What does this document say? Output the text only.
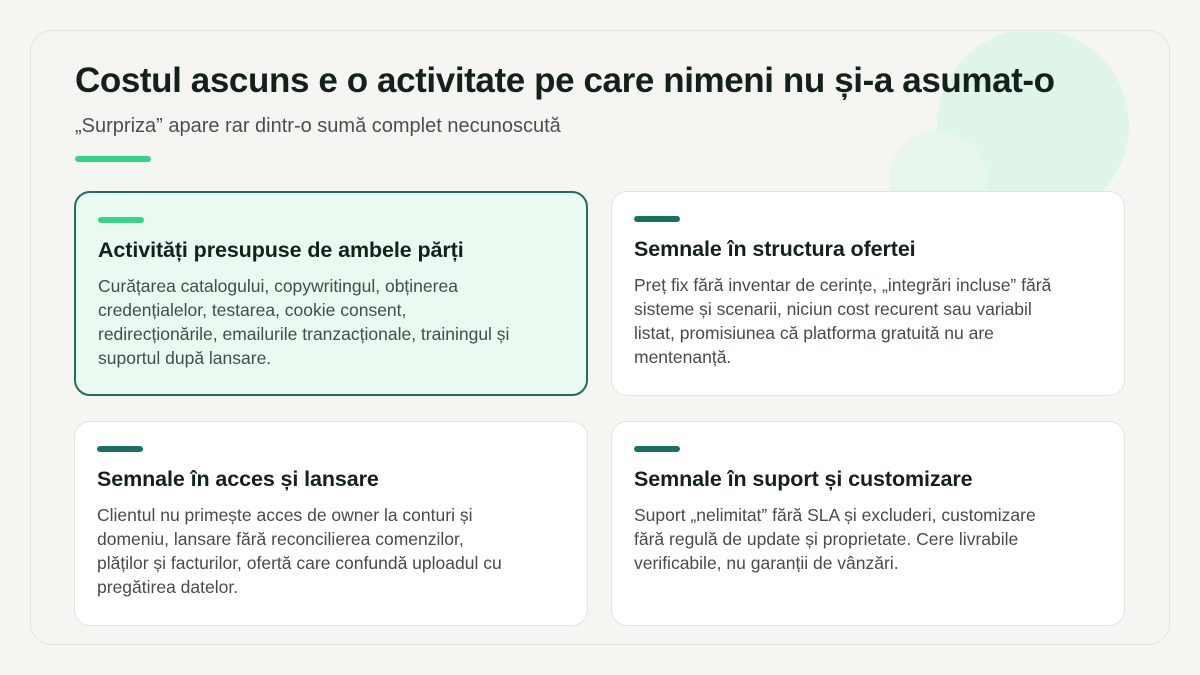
Costul ascuns e o activitate pe care nimeni nu și-a asumat-o

„Surpriza” apare rar dintr-o sumă complet necunoscută

Activități presupuse de ambele părți

Curățarea catalogului, copywritingul, obținerea credențialelor, testarea, cookie consent, redirecționările, emailurile tranzacționale, trainingul și suportul după lansare.

Semnale în structura ofertei

Preț fix fără inventar de cerințe, „integrări incluse” fără sisteme și scenarii, niciun cost recurent sau variabil listat, promisiunea că platforma gratuită nu are mentenanță.

Semnale în acces și lansare

Clientul nu primește acces de owner la conturi și domeniu, lansare fără reconcilierea comenzilor, plăților și facturilor, ofertă care confundă uploadul cu pregătirea datelor.

Semnale în suport și customizare

Suport „nelimitat” fără SLA și excluderi, customizare fără regulă de update și proprietate. Cere livrabile verificabile, nu garanții de vânzări.
